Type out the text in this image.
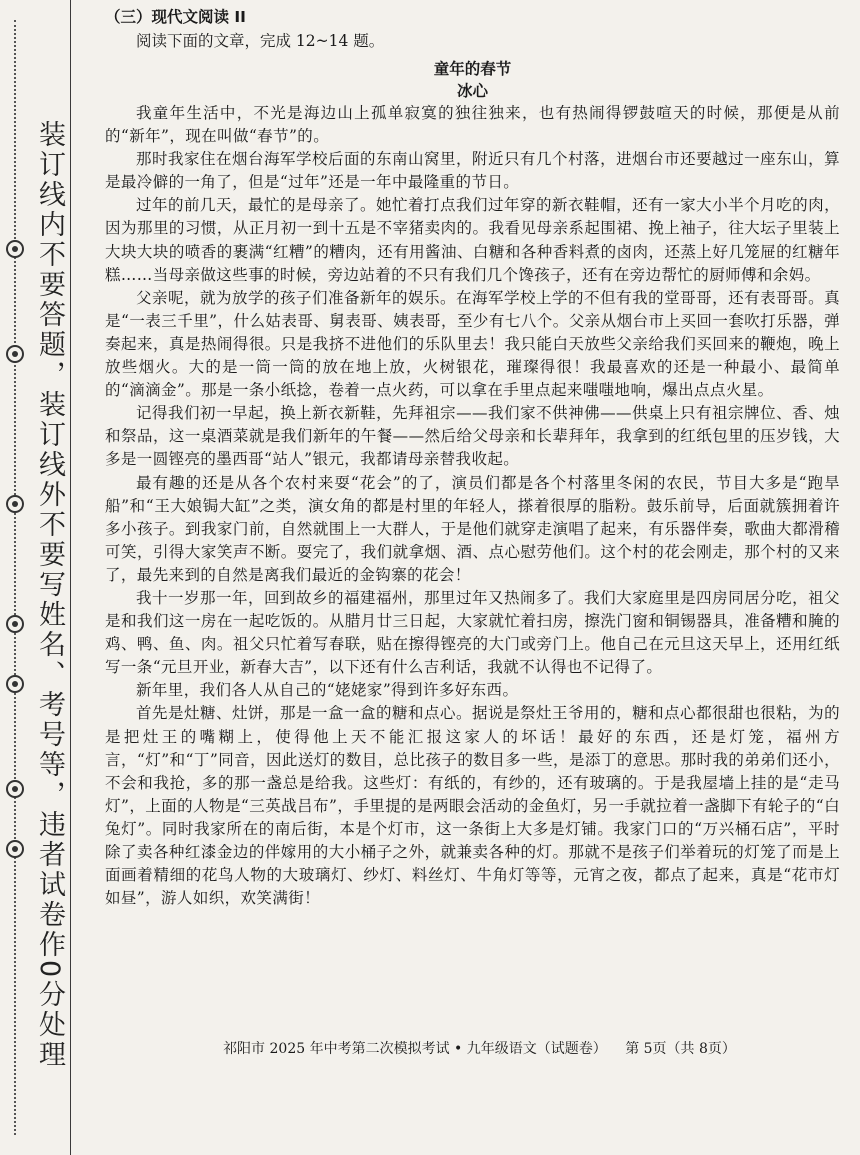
装订线内不要答题，装订线外不要写姓名、考号等，违者试卷作0分处理
（三）现代文阅读 II
阅读下面的文章，完成 12~14 题。
童年的春节
冰心

我童年生活中，不光是海边山上孤单寂寞的独往独来，也有热闹得锣鼓喧天的时候，那便是从前的“新年”，现在叫做“春节”的。

那时我家住在烟台海军学校后面的东南山窝里，附近只有几个村落，进烟台市还要越过一座东山，算是最冷僻的一角了，但是“过年”还是一年中最隆重的节日。

过年的前几天，最忙的是母亲了。她忙着打点我们过年穿的新衣鞋帽，还有一家大小半个月吃的肉，因为那里的习惯，从正月初一到十五是不宰猪卖肉的。我看见母亲系起围裙、挽上袖子，往大坛子里装上大块大块的喷香的裹满“红糟”的糟肉，还有用酱油、白糖和各种香料煮的卤肉，还蒸上好几笼屉的红糖年糕……当母亲做这些事的时候，旁边站着的不只有我们几个馋孩子，还有在旁边帮忙的厨师傅和余妈。

父亲呢，就为放学的孩子们准备新年的娱乐。在海军学校上学的不但有我的堂哥哥，还有表哥哥。真是“一表三千里”，什么姑表哥、舅表哥、姨表哥，至少有七八个。父亲从烟台市上买回一套吹打乐器，弹奏起来，真是热闹得很。只是我挤不进他们的乐队里去！我只能白天放些父亲给我们买回来的鞭炮，晚上放些烟火。大的是一筒一筒的放在地上放，火树银花，璀璨得很！我最喜欢的还是一种最小、最简单的“滴滴金”。那是一条小纸捻，卷着一点火药，可以拿在手里点起来嗤嗤地响，爆出点点火星。

记得我们初一早起，换上新衣新鞋，先拜祖宗——我们家不供神佛——供桌上只有祖宗牌位、香、烛和祭品，这一桌酒菜就是我们新年的午餐——然后给父母亲和长辈拜年，我拿到的红纸包里的压岁钱，大多是一圆铿亮的墨西哥“站人”银元，我都请母亲替我收起。

最有趣的还是从各个农村来耍“花会”的了，演员们都是各个村落里冬闲的农民，节目大多是“跑旱船”和“王大娘锔大缸”之类，演女角的都是村里的年轻人，搽着很厚的脂粉。鼓乐前导，后面就簇拥着许多小孩子。到我家门前，自然就围上一大群人，于是他们就穿走演唱了起来，有乐器伴奏，歌曲大都滑稽可笑，引得大家笑声不断。耍完了，我们就拿烟、酒、点心慰劳他们。这个村的花会刚走，那个村的又来了，最先来到的自然是离我们最近的金钩寨的花会！

我十一岁那一年，回到故乡的福建福州，那里过年又热闹多了。我们大家庭里是四房同居分吃，祖父是和我们这一房在一起吃饭的。从腊月廿三日起，大家就忙着扫房，擦洗门窗和铜锡器具，准备糟和腌的鸡、鸭、鱼、肉。祖父只忙着写春联，贴在擦得铿亮的大门或旁门上。他自己在元旦这天早上，还用红纸写一条“元旦开业，新春大吉”，以下还有什么吉利话，我就不认得也不记得了。

新年里，我们各人从自己的“姥姥家”得到许多好东西。

首先是灶糖、灶饼，那是一盒一盒的糖和点心。据说是祭灶王爷用的，糖和点心都很甜也很粘，为的是把灶王的嘴糊上，使得他上天不能汇报这家人的坏话！最好的东西，还是灯笼，福州方言，“灯”和“丁”同音，因此送灯的数目，总比孩子的数目多一些，是添丁的意思。那时我的弟弟们还小，不会和我抢，多的那一盏总是给我。这些灯：有纸的，有纱的，还有玻璃的。于是我屋墙上挂的是“走马灯”，上面的人物是“三英战吕布”，手里提的是两眼会活动的金鱼灯，另一手就拉着一盏脚下有轮子的“白兔灯”。同时我家所在的南后街，本是个灯市，这一条街上大多是灯铺。我家门口的“万兴桶石店”，平时除了卖各种红漆金边的伴嫁用的大小桶子之外，就兼卖各种的灯。那就不是孩子们举着玩的灯笼了而是上面画着精细的花鸟人物的大玻璃灯、纱灯、料丝灯、牛角灯等等，元宵之夜，都点了起来，真是“花市灯如昼”，游人如织，欢笑满街！

祁阳市 2025 年中考第二次模拟考试 • 九年级语文（试题卷） 第 5页（共 8页）
